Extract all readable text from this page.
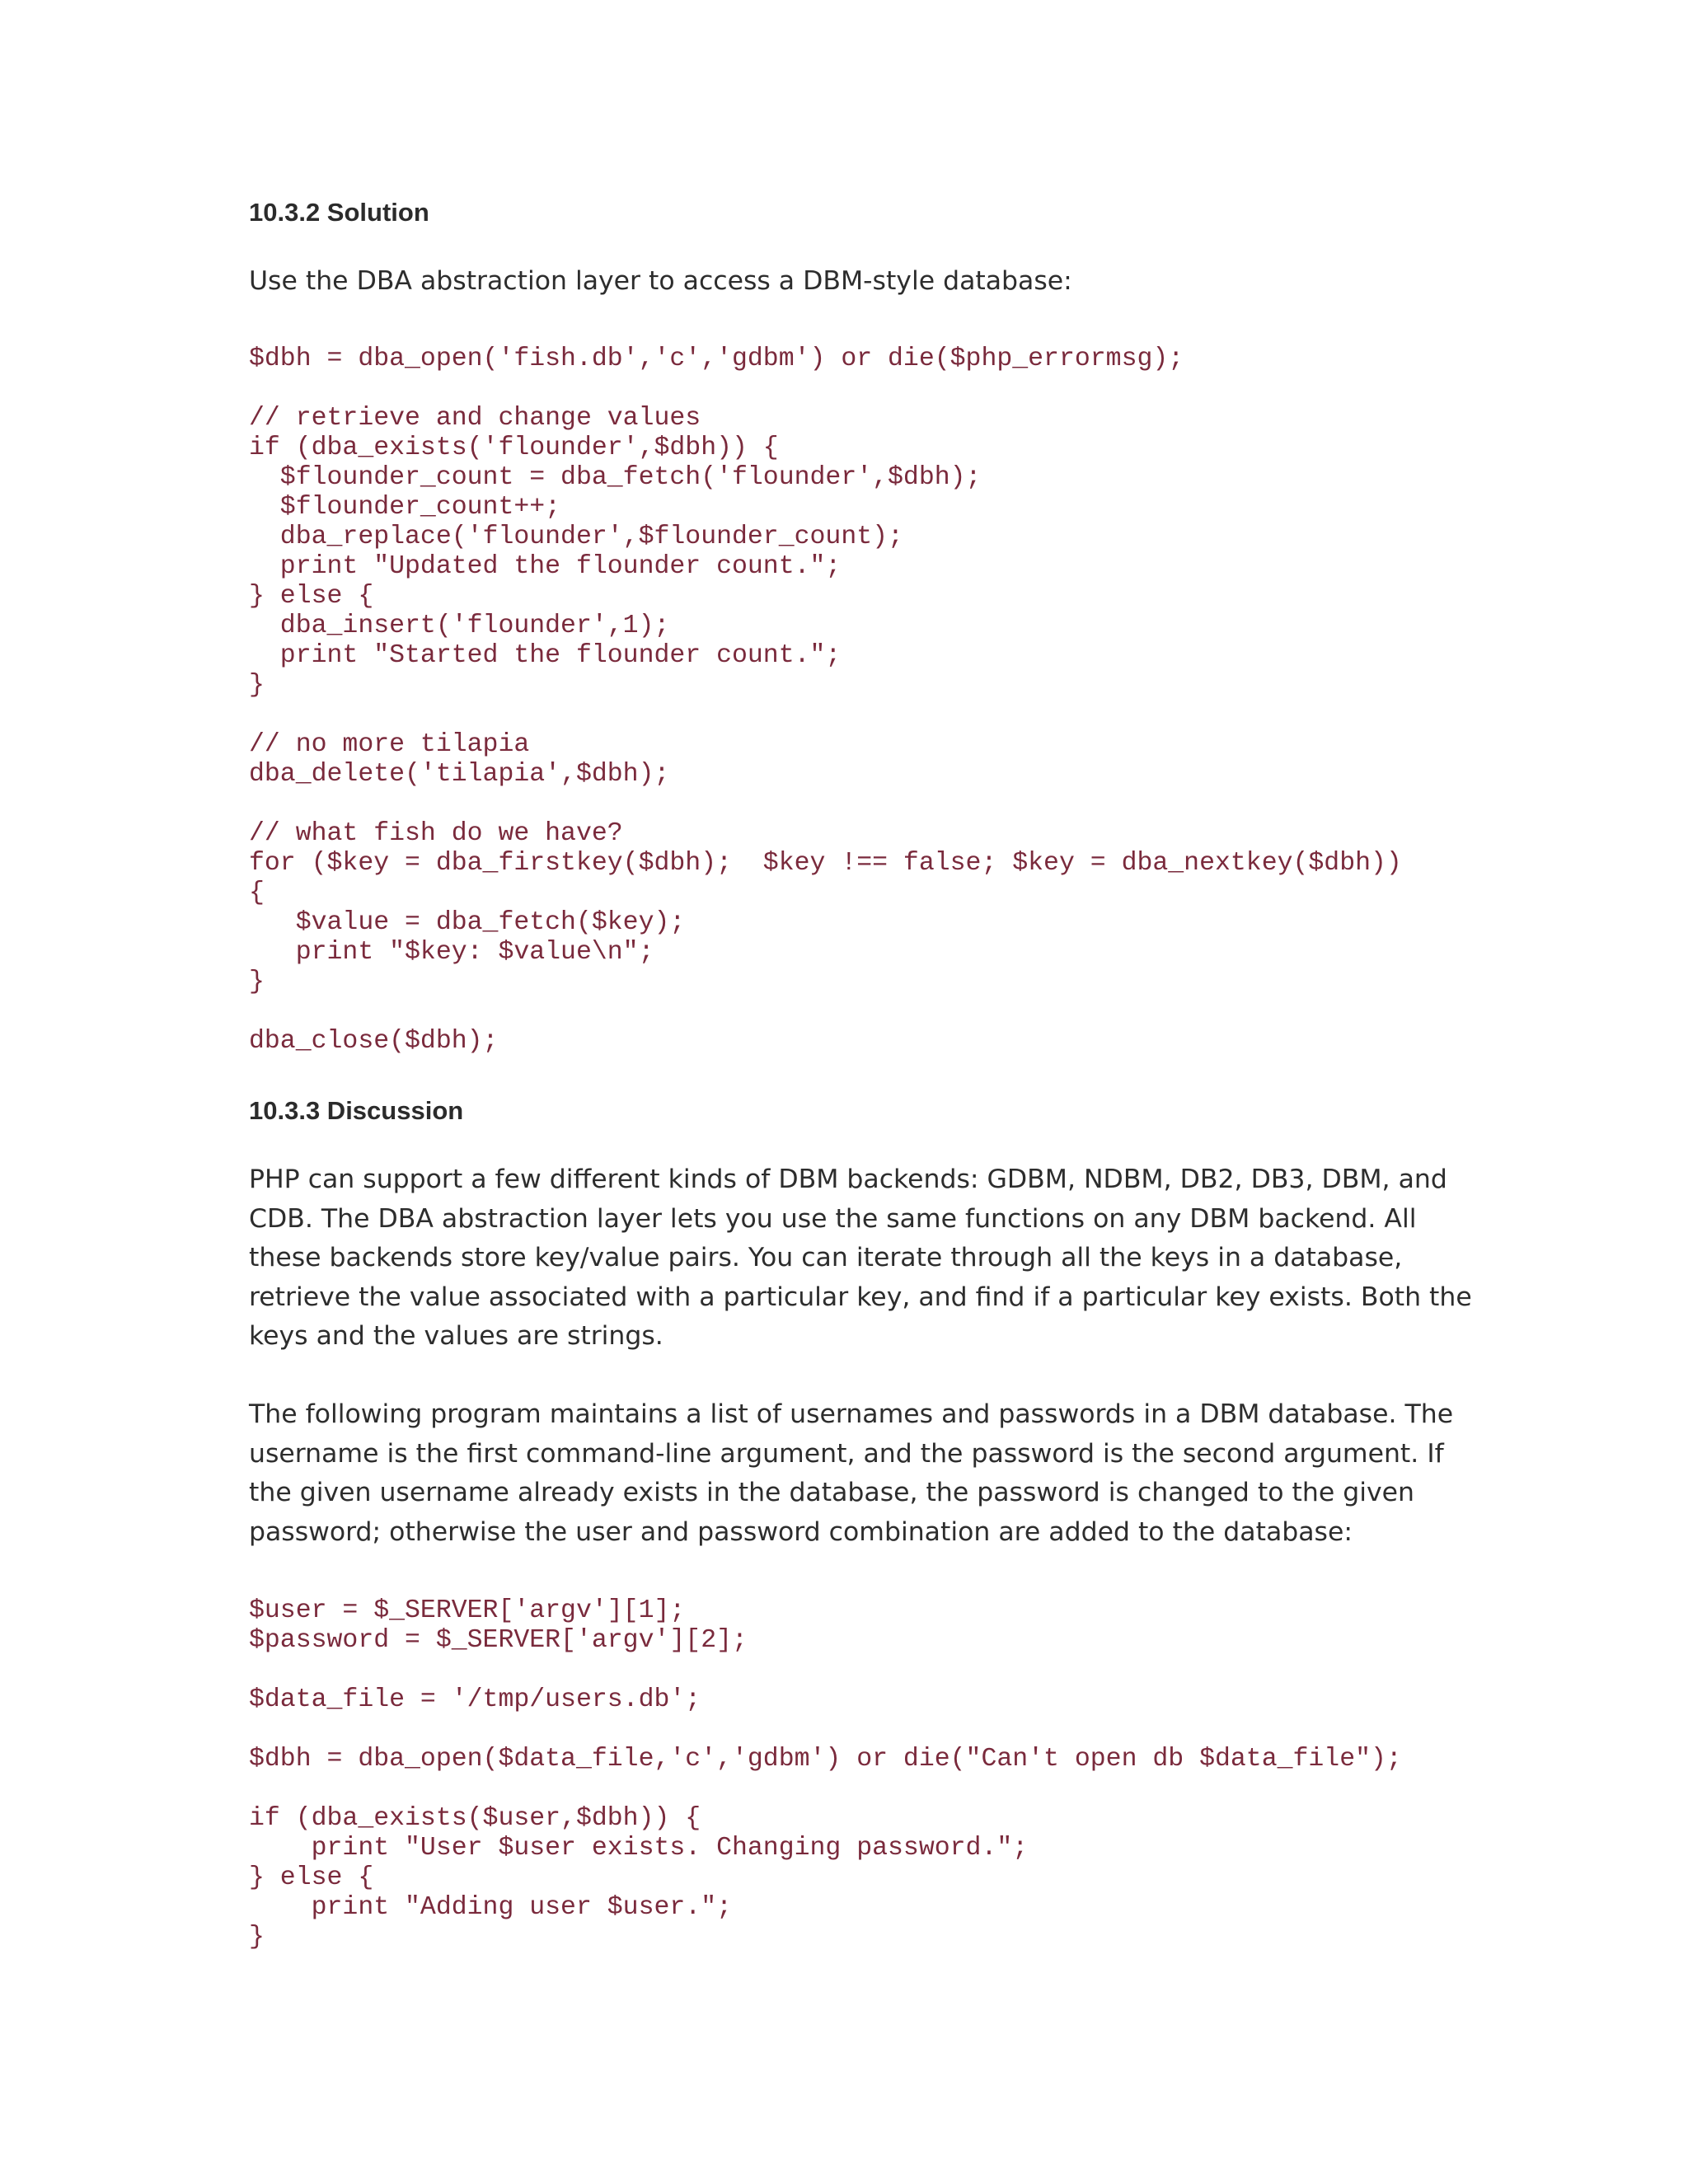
10.3.2 Solution
Use the DBA abstraction layer to access a DBM-style database:
$dbh = dba_open('fish.db','c','gdbm') or die($php_errormsg);
// retrieve and change values
if (dba_exists('flounder',$dbh)) {
$flounder_count = dba_fetch('flounder',$dbh);
$flounder_count++;
dba_replace('flounder',$flounder_count);
print "Updated the flounder count.";
} else {
dba_insert('flounder',1);
print "Started the flounder count.";
}
// no more tilapia
dba_delete('tilapia',$dbh);
// what fish do we have?
for ($key = dba_firstkey($dbh);  $key !== false; $key = dba_nextkey($dbh))
{
$value = dba_fetch($key);
print "$key: $value\n";
}
dba_close($dbh);
10.3.3 Discussion
PHP can support a few different kinds of DBM backends: GDBM, NDBM, DB2, DB3, DBM, and
CDB. The DBA abstraction layer lets you use the same functions on any DBM backend. All
these backends store key/value pairs. You can iterate through all the keys in a database,
retrieve the value associated with a particular key, and find if a particular key exists. Both the
keys and the values are strings.
The following program maintains a list of usernames and passwords in a DBM database. The
username is the first command-line argument, and the password is the second argument. If
the given username already exists in the database, the password is changed to the given
password; otherwise the user and password combination are added to the database:
$user = $_SERVER['argv'][1];
$password = $_SERVER['argv'][2];
$data_file = '/tmp/users.db';
$dbh = dba_open($data_file,'c','gdbm') or die("Can't open db $data_file");
if (dba_exists($user,$dbh)) {
print "User $user exists. Changing password.";
} else {
print "Adding user $user.";
}
